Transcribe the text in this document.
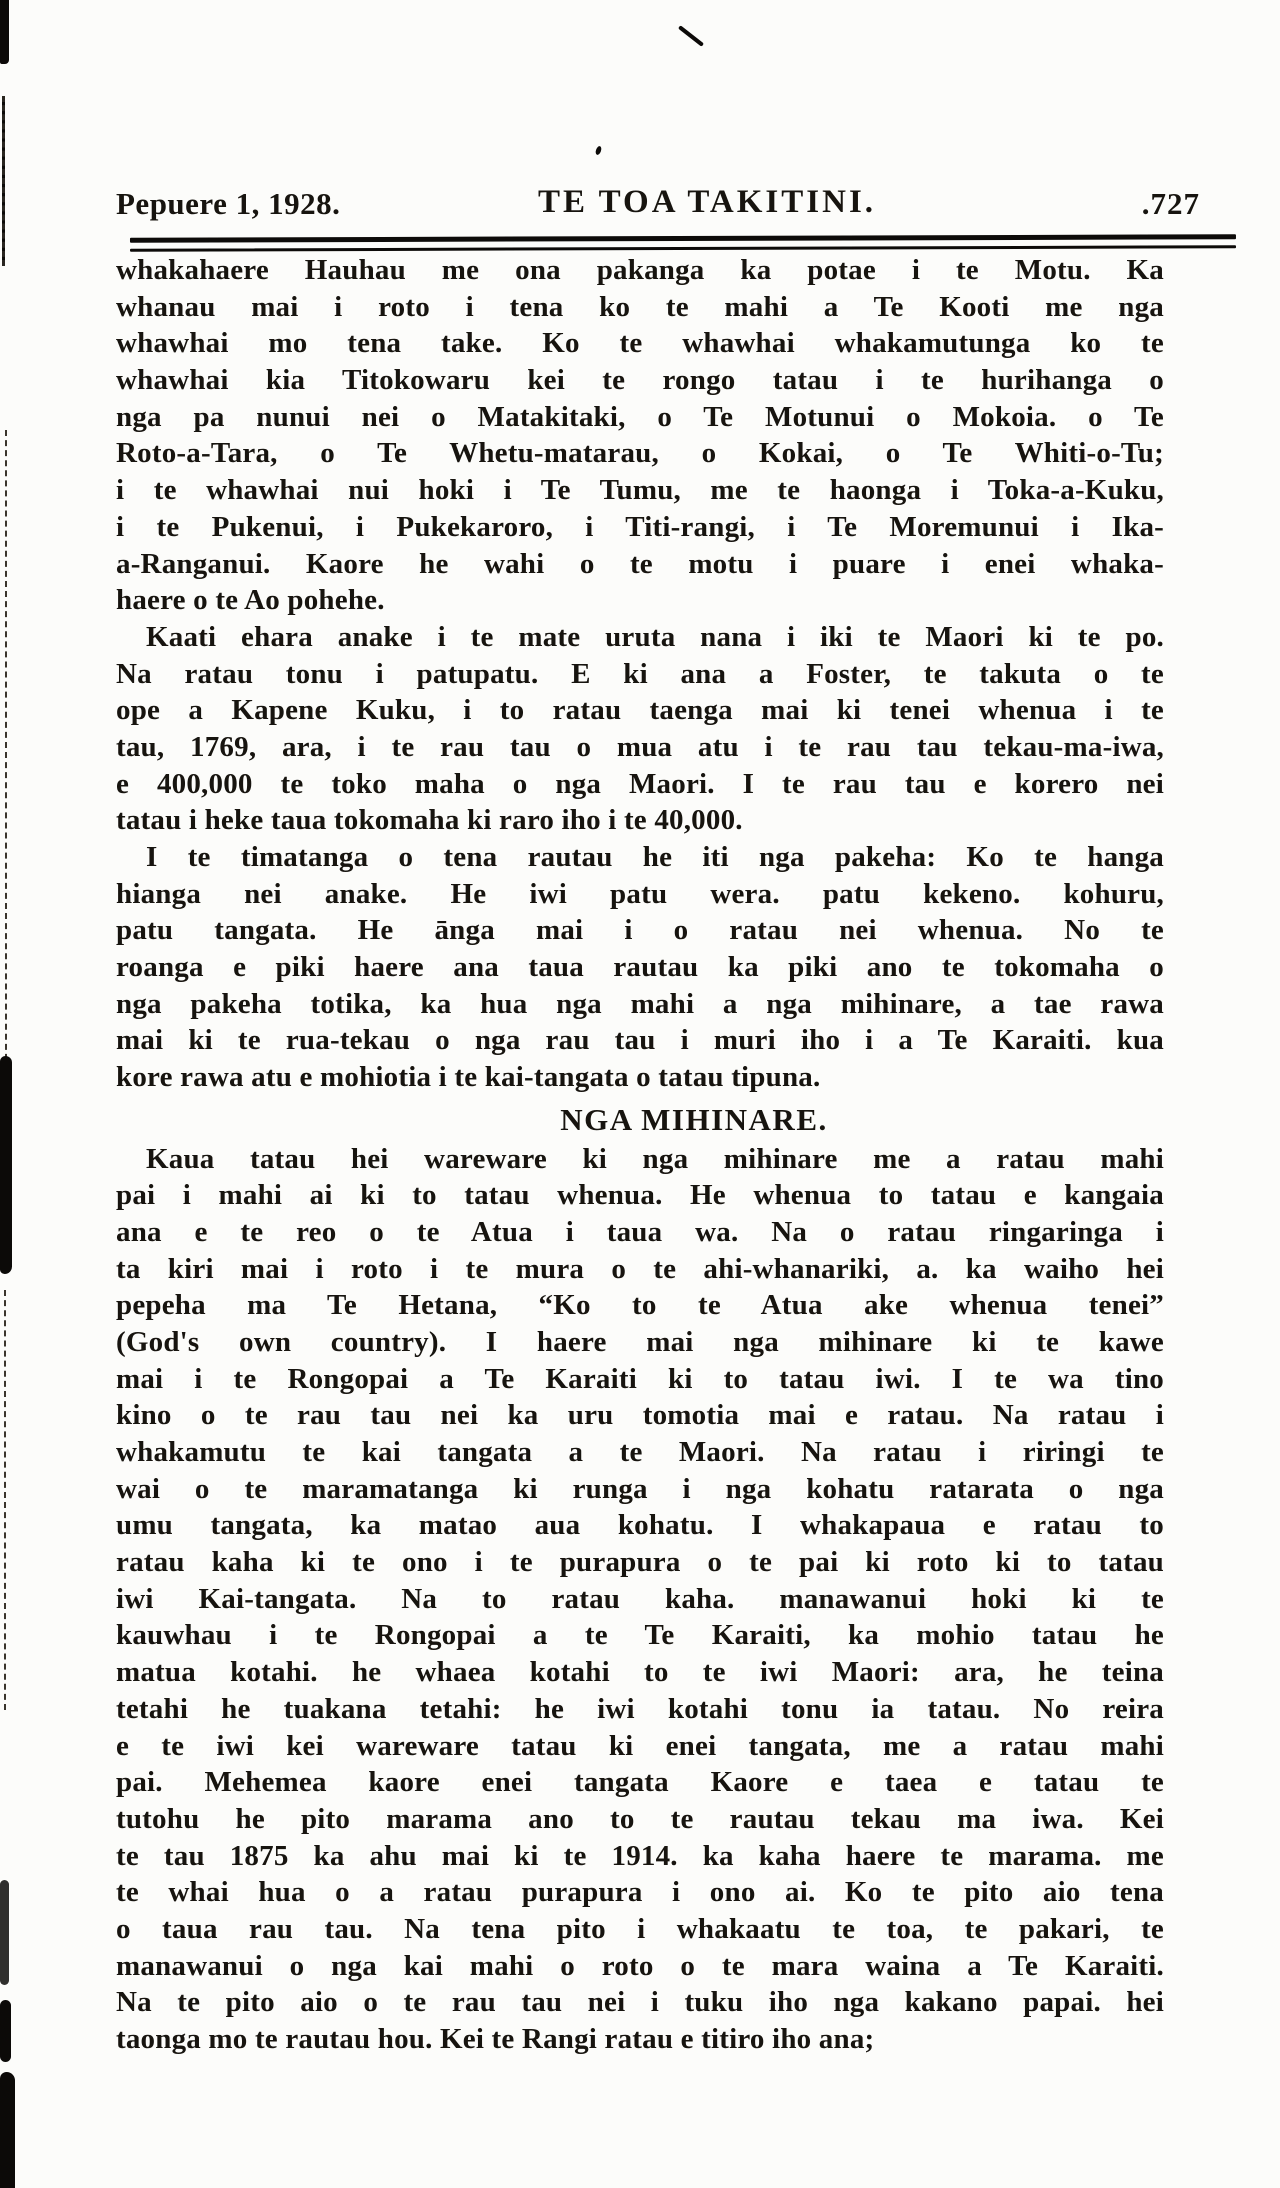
Pepuere 1, 1928.	TE TOA TAKITINI.	.727
whakahaere Hauhau me ona pakanga ka potae i te Motu. Ka
whanau mai i roto i tena ko te mahi a Te Kooti me nga
whawhai mo tena take. Ko te whawhai whakamutunga ko te
whawhai kia Titokowaru kei te rongo tatau i te hurihanga o
nga pa nunui nei o Matakitaki, o Te Motunui o Mokoia. o Te
Roto-a-Tara, o Te Whetu-matarau, o Kokai, o Te Whiti-o-Tu;
i te whawhai nui hoki i Te Tumu, me te haonga i Toka-a-Kuku,
i te Pukenui, i Pukekaroro, i Titi-rangi, i Te Moremunui i Ika-
a-Ranganui. Kaore he wahi o te motu i puare i enei whaka-
haere o te Ao pohehe.
Kaati ehara anake i te mate uruta nana i iki te Maori ki te po.
Na ratau tonu i patupatu. E ki ana a Foster, te takuta o te
ope a Kapene Kuku, i to ratau taenga mai ki tenei whenua i te
tau, 1769, ara, i te rau tau o mua atu i te rau tau tekau-ma-iwa,
e 400,000 te toko maha o nga Maori. I te rau tau e korero nei
tatau i heke taua tokomaha ki raro iho i te 40,000.
I te timatanga o tena rautau he iti nga pakeha: Ko te hanga
hianga nei anake. He iwi patu wera. patu kekeno. kohuru,
patu tangata. He ānga mai i o ratau nei whenua. No te
roanga e piki haere ana taua rautau ka piki ano te tokomaha o
nga pakeha totika, ka hua nga mahi a nga mihinare, a tae rawa
mai ki te rua-tekau o nga rau tau i muri iho i a Te Karaiti. kua
kore rawa atu e mohiotia i te kai-tangata o tatau tipuna.
NGA MIHINARE.
Kaua tatau hei wareware ki nga mihinare me a ratau mahi
pai i mahi ai ki to tatau whenua. He whenua to tatau e kangaia
ana e te reo o te Atua i taua wa. Na o ratau ringaringa i
ta kiri mai i roto i te mura o te ahi-whanariki, a. ka waiho hei
pepeha ma Te Hetana, “Ko to te Atua ake whenua tenei”
(God's own country). I haere mai nga mihinare ki te kawe
mai i te Rongopai a Te Karaiti ki to tatau iwi. I te wa tino
kino o te rau tau nei ka uru tomotia mai e ratau. Na ratau i
whakamutu te kai tangata a te Maori. Na ratau i riringi te
wai o te maramatanga ki runga i nga kohatu ratarata o nga
umu tangata, ka matao aua kohatu. I whakapaua e ratau to
ratau kaha ki te ono i te purapura o te pai ki roto ki to tatau
iwi Kai-tangata. Na to ratau kaha. manawanui hoki ki te
kauwhau i te Rongopai a te Te Karaiti, ka mohio tatau he
matua kotahi. he whaea kotahi to te iwi Maori: ara, he teina
tetahi he tuakana tetahi: he iwi kotahi tonu ia tatau. No reira
e te iwi kei wareware tatau ki enei tangata, me a ratau mahi
pai. Mehemea kaore enei tangata Kaore e taea e tatau te
tutohu he pito marama ano to te rautau tekau ma iwa. Kei
te tau 1875 ka ahu mai ki te 1914. ka kaha haere te marama. me
te whai hua o a ratau purapura i ono ai. Ko te pito aio tena
o taua rau tau. Na tena pito i whakaatu te toa, te pakari, te
manawanui o nga kai mahi o roto o te mara waina a Te Karaiti.
Na te pito aio o te rau tau nei i tuku iho nga kakano papai. hei
taonga mo te rautau hou. Kei te Rangi ratau e titiro iho ana;
